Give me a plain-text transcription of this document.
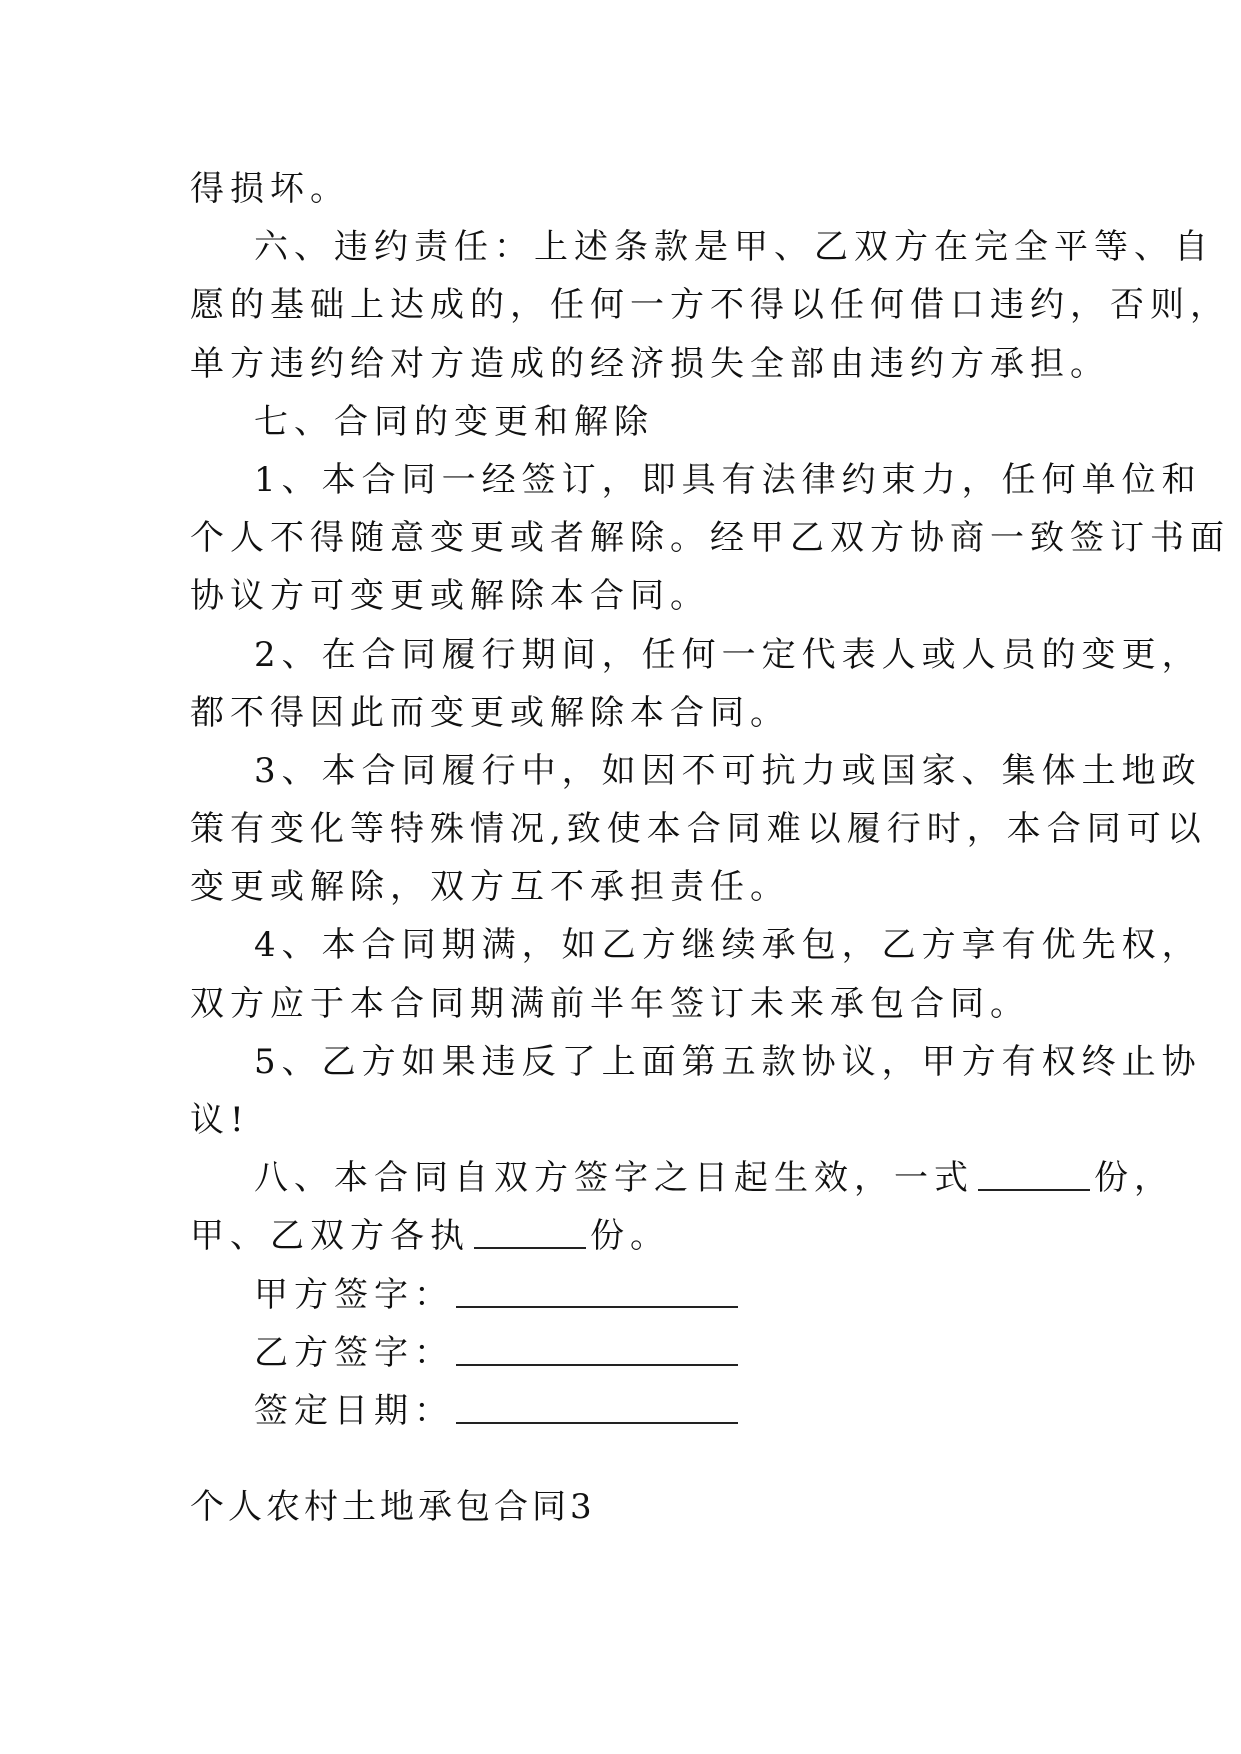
得损坏。
六、违约责任：上述条款是甲、乙双方在完全平等、自
愿的基础上达成的，任何一方不得以任何借口违约，否则，
单方违约给对方造成的经济损失全部由违约方承担。
七、合同的变更和解除
1、本合同一经签订，即具有法律约束力，任何单位和
个人不得随意变更或者解除。经甲乙双方协商一致签订书面
协议方可变更或解除本合同。
2、在合同履行期间，任何一定代表人或人员的变更，
都不得因此而变更或解除本合同。
3、本合同履行中，如因不可抗力或国家、集体土地政
策有变化等特殊情况,致使本合同难以履行时，本合同可以
变更或解除，双方互不承担责任。
4、本合同期满，如乙方继续承包，乙方享有优先权，
双方应于本合同期满前半年签订未来承包合同。
5、乙方如果违反了上面第五款协议，甲方有权终止协
议!
八、本合同自双方签字之日起生效，一式	份，
甲、乙双方各执	份。
甲方签字：
乙方签字：
签定日期：
个人农村土地承包合同3
